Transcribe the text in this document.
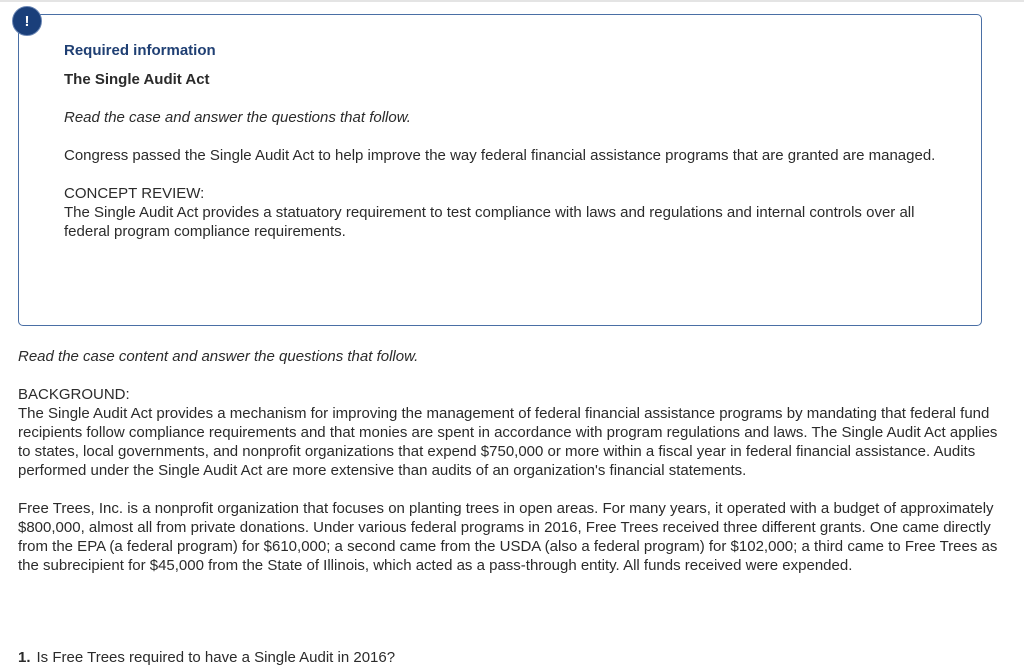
Required information
The Single Audit Act
Read the case and answer the questions that follow.
Congress passed the Single Audit Act to help improve the way federal financial assistance programs that are granted are managed.
CONCEPT REVIEW:
The Single Audit Act provides a statuatory requirement to test compliance with laws and regulations and internal controls over all federal program compliance requirements.
!
Read the case content and answer the questions that follow.
BACKGROUND:
The Single Audit Act provides a mechanism for improving the management of federal financial assistance programs by mandating that federal fund recipients follow compliance requirements and that monies are spent in accordance with program regulations and laws. The Single Audit Act applies to states, local governments, and nonprofit organizations that expend $750,000 or more within a fiscal year in federal financial assistance. Audits performed under the Single Audit Act are more extensive than audits of an organization's financial statements.
Free Trees, Inc. is a nonprofit organization that focuses on planting trees in open areas. For many years, it operated with a budget of approximately $800,000, almost all from private donations. Under various federal programs in 2016, Free Trees received three different grants. One came directly from the EPA (a federal program) for $610,000; a second came from the USDA (also a federal program) for $102,000; a third came to Free Trees as the subrecipient for $45,000 from the State of Illinois, which acted as a pass-through entity. All funds received were expended.
1. Is Free Trees required to have a Single Audit in 2016?
